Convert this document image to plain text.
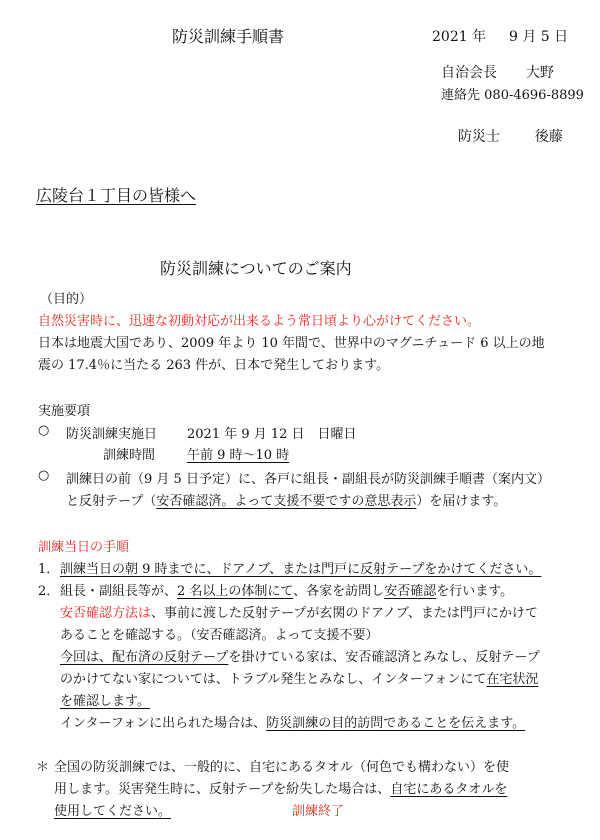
防災訓練手順書	2021 年 9 月 5 日
自治会長 大野
連絡先 080-4696-8899
防災士 後藤
広陵台１丁目の皆様へ
防災訓練についてのご案内
（目的）
自然災害時に、迅速な初動対応が出来るよう常日頃より心がけてください。
日本は地震大国であり、2009 年より 10 年間で、世界中のマグニチュード 6 以上の地
震の 17.4％に当たる 263 件が、日本で発生しております。
実施要項
○ 防災訓練実施日 2021 年 9 月 12 日　日曜日
訓練時間 午前 9 時～10 時
○ 訓練日の前（9 月 5 日予定）に、各戸に組長・副組長が防災訓練手順書（案内文）
と反射テープ（安否確認済。よって支援不要ですの意思表示）を届けます。
訓練当日の手順
1． 訓練当日の朝 9 時までに、ドアノブ、または門戸に反射テープをかけてください。
2． 組長・副組長等が、2 名以上の体制にて、各家を訪問し安否確認を行います。
安否確認方法は、事前に渡した反射テープが玄関のドアノブ、または門戸にかけて
あることを確認する。（安否確認済。よって支援不要）
今回は、配布済の反射テープを掛けている家は、安否確認済とみなし、反射テープ
のかけてない家については、トラブル発生とみなし、インターフォンにて在宅状況
を確認します。
インターフォンに出られた場合は、防災訓練の目的訪問であることを伝えます。
＊ 全国の防災訓練では、一般的に、自宅にあるタオル（何色でも構わない）を使
用します。災害発生時に、反射テープを紛失した場合は、自宅にあるタオルを
使用してください。	訓練終了
